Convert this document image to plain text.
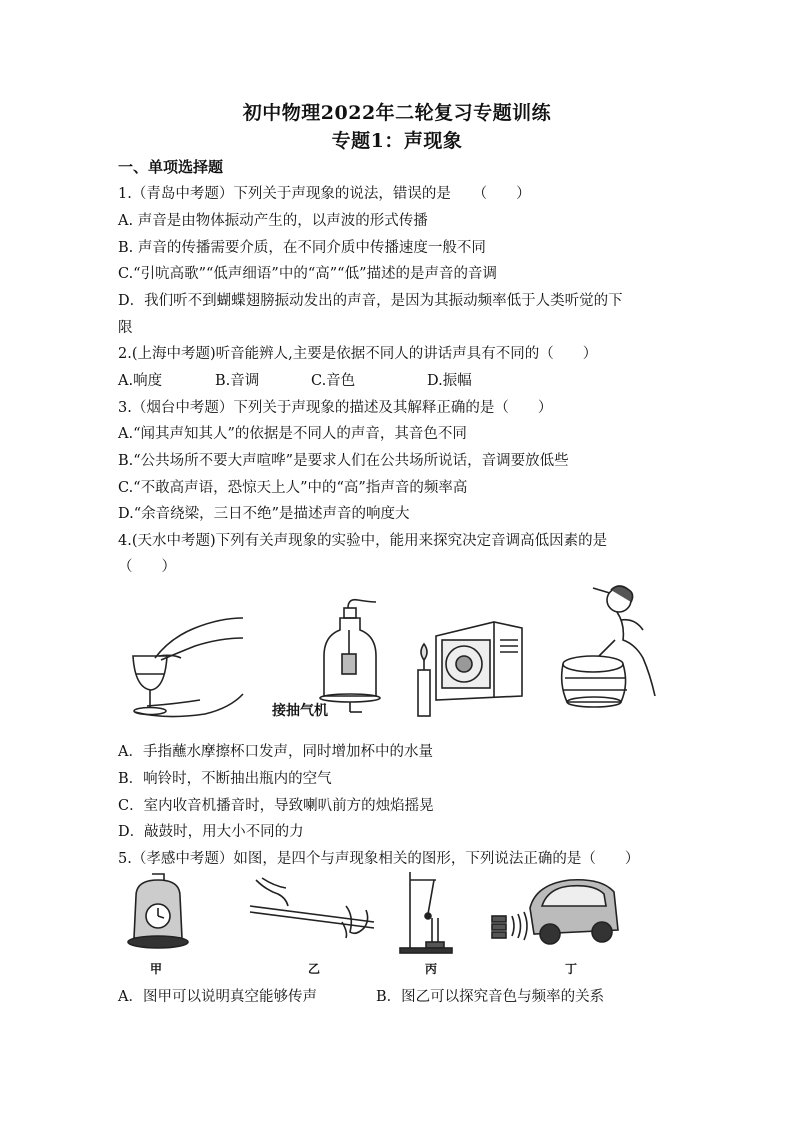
初中物理2022年二轮复习专题训练
专题1：声现象
一、单项选择题
1.（青岛中考题）下列关于声现象的说法，错误的是　　（　　）
A. 声音是由物体振动产生的，以声波的形式传播
B. 声音的传播需要介质，在不同介质中传播速度一般不同
C.“引吭高歌”“低声细语”中的“高”“低”描述的是声音的音调
D．我们听不到蝴蝶翅膀振动发出的声音，是因为其振动频率低于人类听觉的下
限
2.(上海中考题)听音能辨人,主要是依据不同人的讲话声具有不同的（　　）
A.响度	B.音调	C.音色	D.振幅
3.（烟台中考题）下列关于声现象的描述及其解释正确的是（　　）
A.“闻其声知其人”的依据是不同人的声音，其音色不同
B.“公共场所不要大声喧哗”是要求人们在公共场所说话，音调要放低些
C.“不敢高声语，恐惊天上人”中的“高”指声音的频率高
D.“余音绕梁，三日不绝”是描述声音的响度大
4.(天水中考题)下列有关声现象的实验中，能用来探究决定音调高低因素的是
（　　）
接抽气机
A．手指蘸水摩擦杯口发声，同时增加杯中的水量
B．响铃时，不断抽出瓶内的空气
C．室内收音机播音时，导致喇叭前方的烛焰摇晃
D．敲鼓时，用大小不同的力
5.（孝感中考题）如图，是四个与声现象相关的图形，下列说法正确的是（　　）
甲	乙	丙	丁
A．图甲可以说明真空能够传声	B．图乙可以探究音色与频率的关系
